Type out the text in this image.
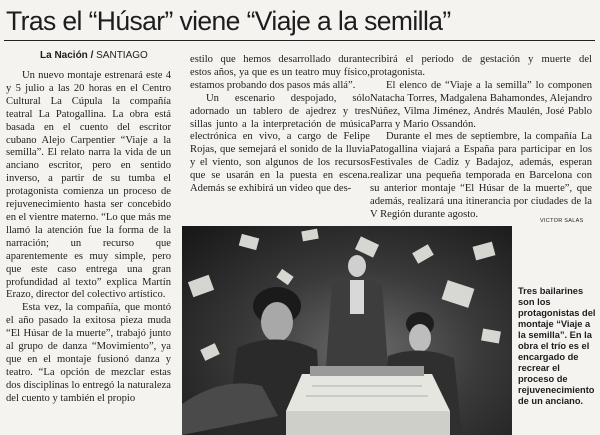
Tras el “Húsar” viene “Viaje a la semilla”
La Nación / SANTIAGO

Un nuevo montaje estrenará este 4 y 5 julio a las 20 horas en el Centro Cultural La Cúpula la compañía teatral La Patogallina. La obra está basada en el cuento del escritor cubano Alejo Carpentier “Viaje a la semilla”. El relato narra la vida de un anciano escritor, pero en sentido inverso, a partir de su tumba el protagonista comienza un proceso de rejuvenecimiento hasta ser concebido en el vientre materno. “Lo que más me llamó la atención fue la forma de la narración; un recurso que aparentemente es muy simple, pero que este caso entrega una gran profundidad al texto” explica Martín Erazo, director del colectivo artístico.

Esta vez, la compañía, que montó el año pasado la exitosa pieza muda “El Húsar de la muerte”, trabajó junto al grupo de danza “Movimiento”, ya que en el montaje fusionó danza y teatro. “La opción de mezclar estas dos disciplinas lo entregó la naturaleza del cuento y también el propio

estilo que hemos desarrollado durante estos años, ya que es un teatro muy físico, estamos probando dos pasos más allá”.

Un escenario despojado, sólo adornado un tablero de ajedrez y tres sillas junto a la interpretación de música electrónica en vivo, a cargo de Felipe Rojas, que semejará el sonido de la lluvia y el viento, son algunos de los recursos que se usarán en la puesta en escena. Además se exhibirá un video que des-

cribirá el período de gestación y muerte del protagonista.

El elenco de “Viaje a la semilla” lo componen Natacha Torres, Madgalena Bahamondes, Alejandro Núñez, Vilma Jiménez, Andrés Maulén, José Pablo Parra y Mario Ossandón.

Durante el mes de septiembre, la compañía La Patogallina viajará a España para participar en los Festivales de Cadiz y Badajoz, además, esperan realizar una pequeña temporada en Barcelona con su anterior montaje “El Húsar de la muerte”, que además, realizará una itinerancia por ciudades de la V Región durante agosto.

VICTOR SALAS
Tres bailarines son los protagonistas del montaje “Viaje a la semilla”. En la obra el trío es el encargado de recrear el proceso de rejuvenecimiento de un anciano.
